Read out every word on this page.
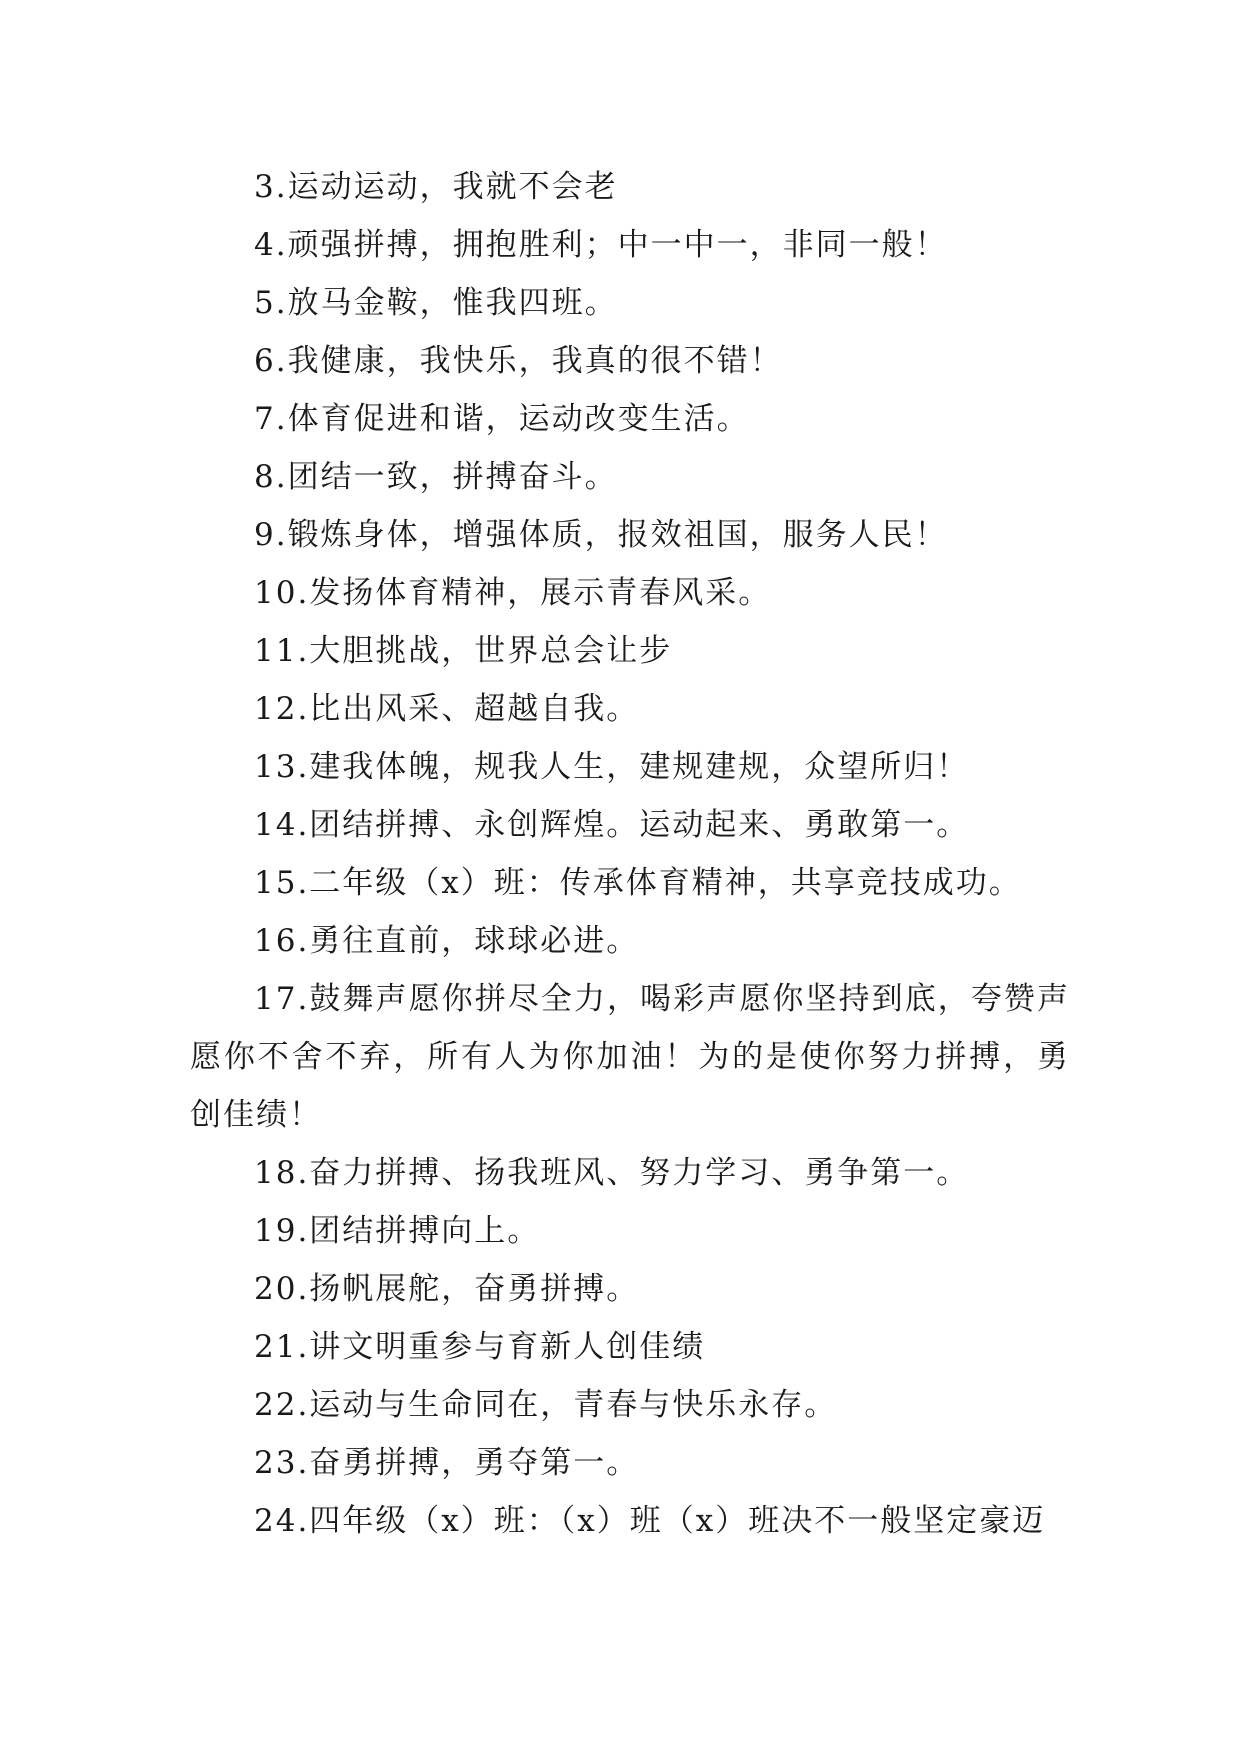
3.运动运动，我就不会老
4.顽强拼搏，拥抱胜利；中一中一，非同一般！
5.放马金鞍，惟我四班。
6.我健康，我快乐，我真的很不错！
7.体育促进和谐，运动改变生活。
8.团结一致，拼搏奋斗。
9.锻炼身体，增强体质，报效祖国，服务人民！
10.发扬体育精神，展示青春风采。
11.大胆挑战，世界总会让步
12.比出风采、超越自我。
13.建我体魄，规我人生，建规建规，众望所归！
14.团结拼搏、永创辉煌。运动起来、勇敢第一。
15.二年级（x）班：传承体育精神，共享竞技成功。
16.勇往直前，球球必进。
17.鼓舞声愿你拼尽全力，喝彩声愿你坚持到底，夸赞声愿你不舍不弃，所有人为你加油！为的是使你努力拼搏，勇创佳绩！
18.奋力拼搏、扬我班风、努力学习、勇争第一。
19.团结拼搏向上。
20.扬帆展舵，奋勇拼搏。
21.讲文明重参与育新人创佳绩
22.运动与生命同在，青春与快乐永存。
23.奋勇拼搏，勇夺第一。
24.四年级（x）班：（x）班（x）班决不一般坚定豪迈
